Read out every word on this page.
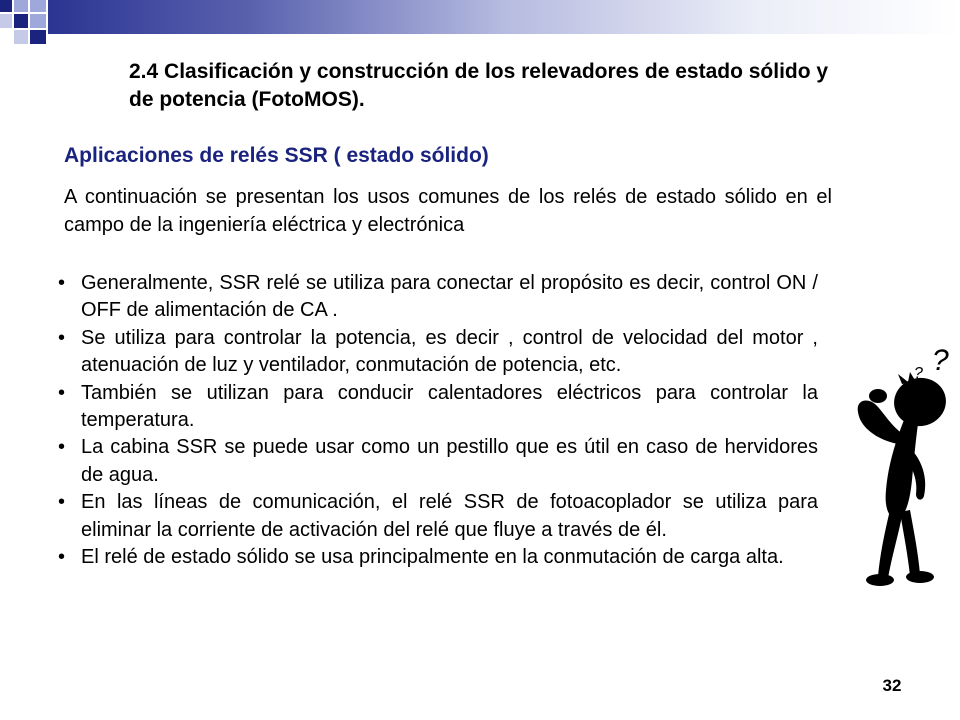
2.4 Clasificación y construcción de los relevadores de estado sólido y de potencia (FotoMOS).
Aplicaciones de relés SSR ( estado sólido)

A continuación se presentan los usos comunes de los relés de estado sólido en el campo de la ingeniería eléctrica y electrónica

• Generalmente, SSR relé se utiliza para conectar el propósito es decir, control ON / OFF de alimentación de CA .
• Se utiliza para controlar la potencia, es decir , control de velocidad del motor , atenuación de luz y ventilador, conmutación de potencia, etc.
• También se utilizan para conducir calentadores eléctricos para controlar la temperatura.
• La cabina SSR se puede usar como un pestillo que es útil en caso de hervidores de agua.
• En las líneas de comunicación, el relé SSR de fotoacoplador se utiliza para eliminar la corriente de activación del relé que fluye a través de él.
• El relé de estado sólido se usa principalmente en la conmutación de carga alta.
?
?
32
